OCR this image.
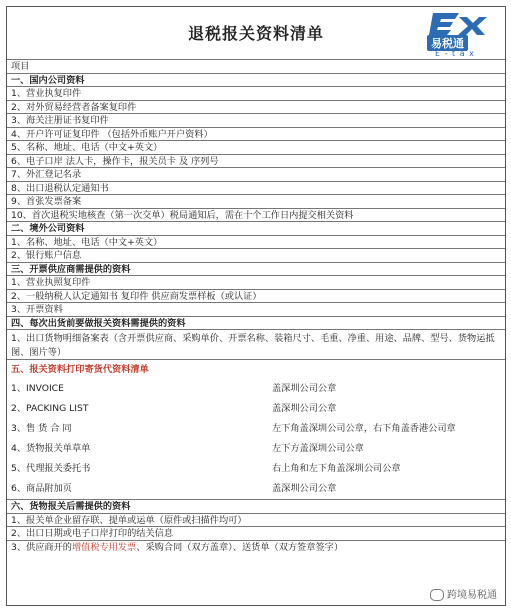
退税报关资料清单
易税通
E - t a x
项目
一、国内公司资料
1、营业执复印件
2、对外贸易经营者备案复印件
3、海关注册证书复印件
4、开户许可证复印件 （包括外币账户开户资料）
5、名称、地址、电话（中文+英文）
6、电子口岸 法人卡，操作卡，报关员卡 及 序列号
7、外汇登记名录
8、出口退税认定通知书
9、首张发票备案
10、首次退税实地核查（第一次交单）税局通知后，需在十个工作日内提交相关资料
二、境外公司资料
1、名称、地址、电话（中文+英文）
2、银行账户信息
三、开票供应商需提供的资料
1、营业执照复印件
2、一般纳税人认定通知书 复印件 供应商发票样板（或认证）
3、开票资料
四、每次出货前要做报关资料需提供的资料
1、出口货物明细备案表（含开票供应商、采购单价、开票名称、装箱尺寸、毛重、净重、用途、品牌、型号、货物运抵图、图片等）
五、报关资料打印寄货代资料清单
1、INVOICE	盖深圳公司公章
2、PACKING LIST	盖深圳公司公章
3、售 货 合 同	左下角盖深圳公司公章，右下角盖香港公司章
4、货物报关单草单	左下方盖深圳公司公章
5、代理报关委托书	右上角和左下角盖深圳公司公章
6、商品附加页	盖深圳公司公章
六、货物报关后需提供的资料
1、报关单企业留存联、提单或运单（原件或扫描件均可）
2、出口日期或电子口岸打印的结关信息
3、供应商开的增值税专用发票、采购合同（双方盖章）、送货单（双方签章签字）
跨境易税通
